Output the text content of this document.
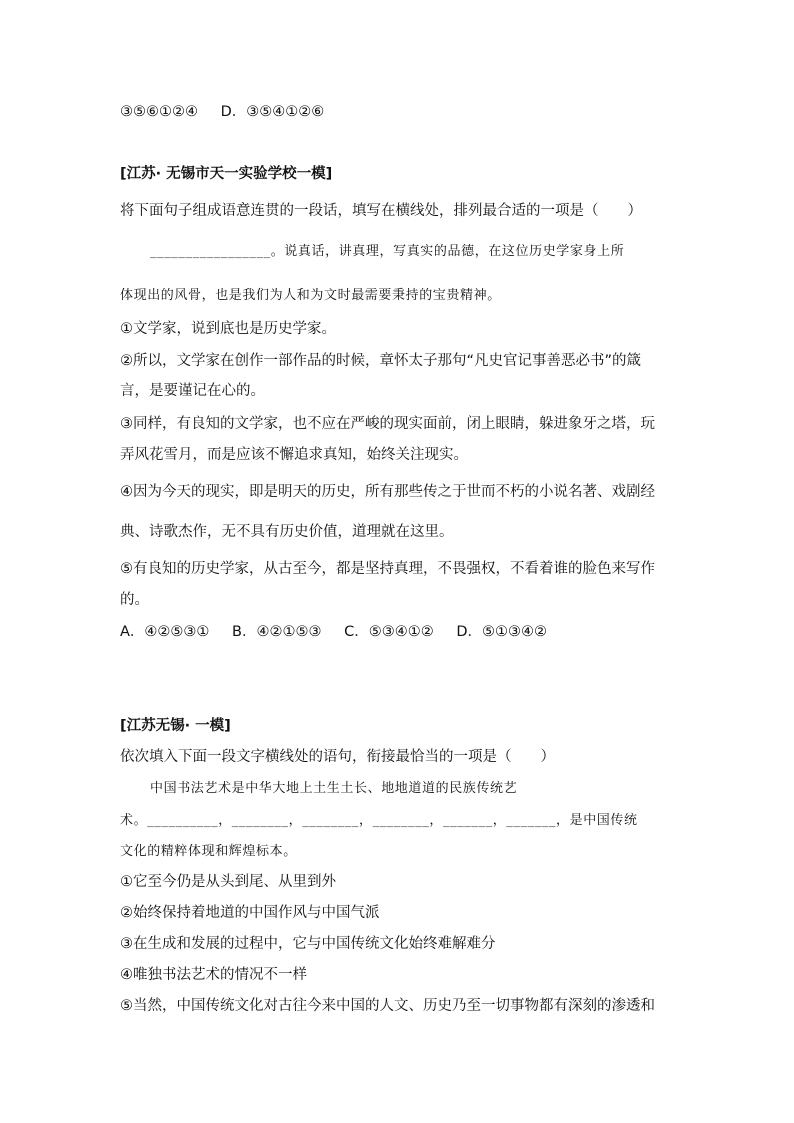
③⑤⑥①②④ D．③⑤④①②⑥
[江苏· 无锡市天一实验学校一模]
将下面句子组成语意连贯的一段话，填写在横线处，排列最合适的一项是（　　）
_________________。说真话，讲真理，写真实的品德，在这位历史学家身上所
体现出的风骨，也是我们为人和为文时最需要秉持的宝贵精神。
①文学家，说到底也是历史学家。
②所以，文学家在创作一部作品的时候，章怀太子那句“凡史官记事善恶必书”的箴
言，是要谨记在心的。
③同样，有良知的文学家，也不应在严峻的现实面前，闭上眼睛，躲进象牙之塔，玩
弄风花雪月，而是应该不懈追求真知，始终关注现实。
④因为今天的现实，即是明天的历史，所有那些传之于世而不朽的小说名著、戏剧经
典、诗歌杰作，无不具有历史价值，道理就在这里。
⑤有良知的历史学家，从古至今，都是坚持真理，不畏强权，不看着谁的脸色来写作
的。
A．④②⑤③① B．④②①⑤③ C．⑤③④①② D．⑤①③④②
[江苏无锡· 一模]
依次填入下面一段文字横线处的语句，衔接最恰当的一项是（　　）
中国书法艺术是中华大地上土生土长、地地道道的民族传统艺
术。__________，________，________，________，_______，_______，是中国传统
文化的精粹体现和辉煌标本。
①它至今仍是从头到尾、从里到外
②始终保持着地道的中国作风与中国气派
③在生成和发展的过程中，它与中国传统文化始终难解难分
④唯独书法艺术的情况不一样
⑤当然，中国传统文化对古往今来中国的人文、历史乃至一切事物都有深刻的渗透和
